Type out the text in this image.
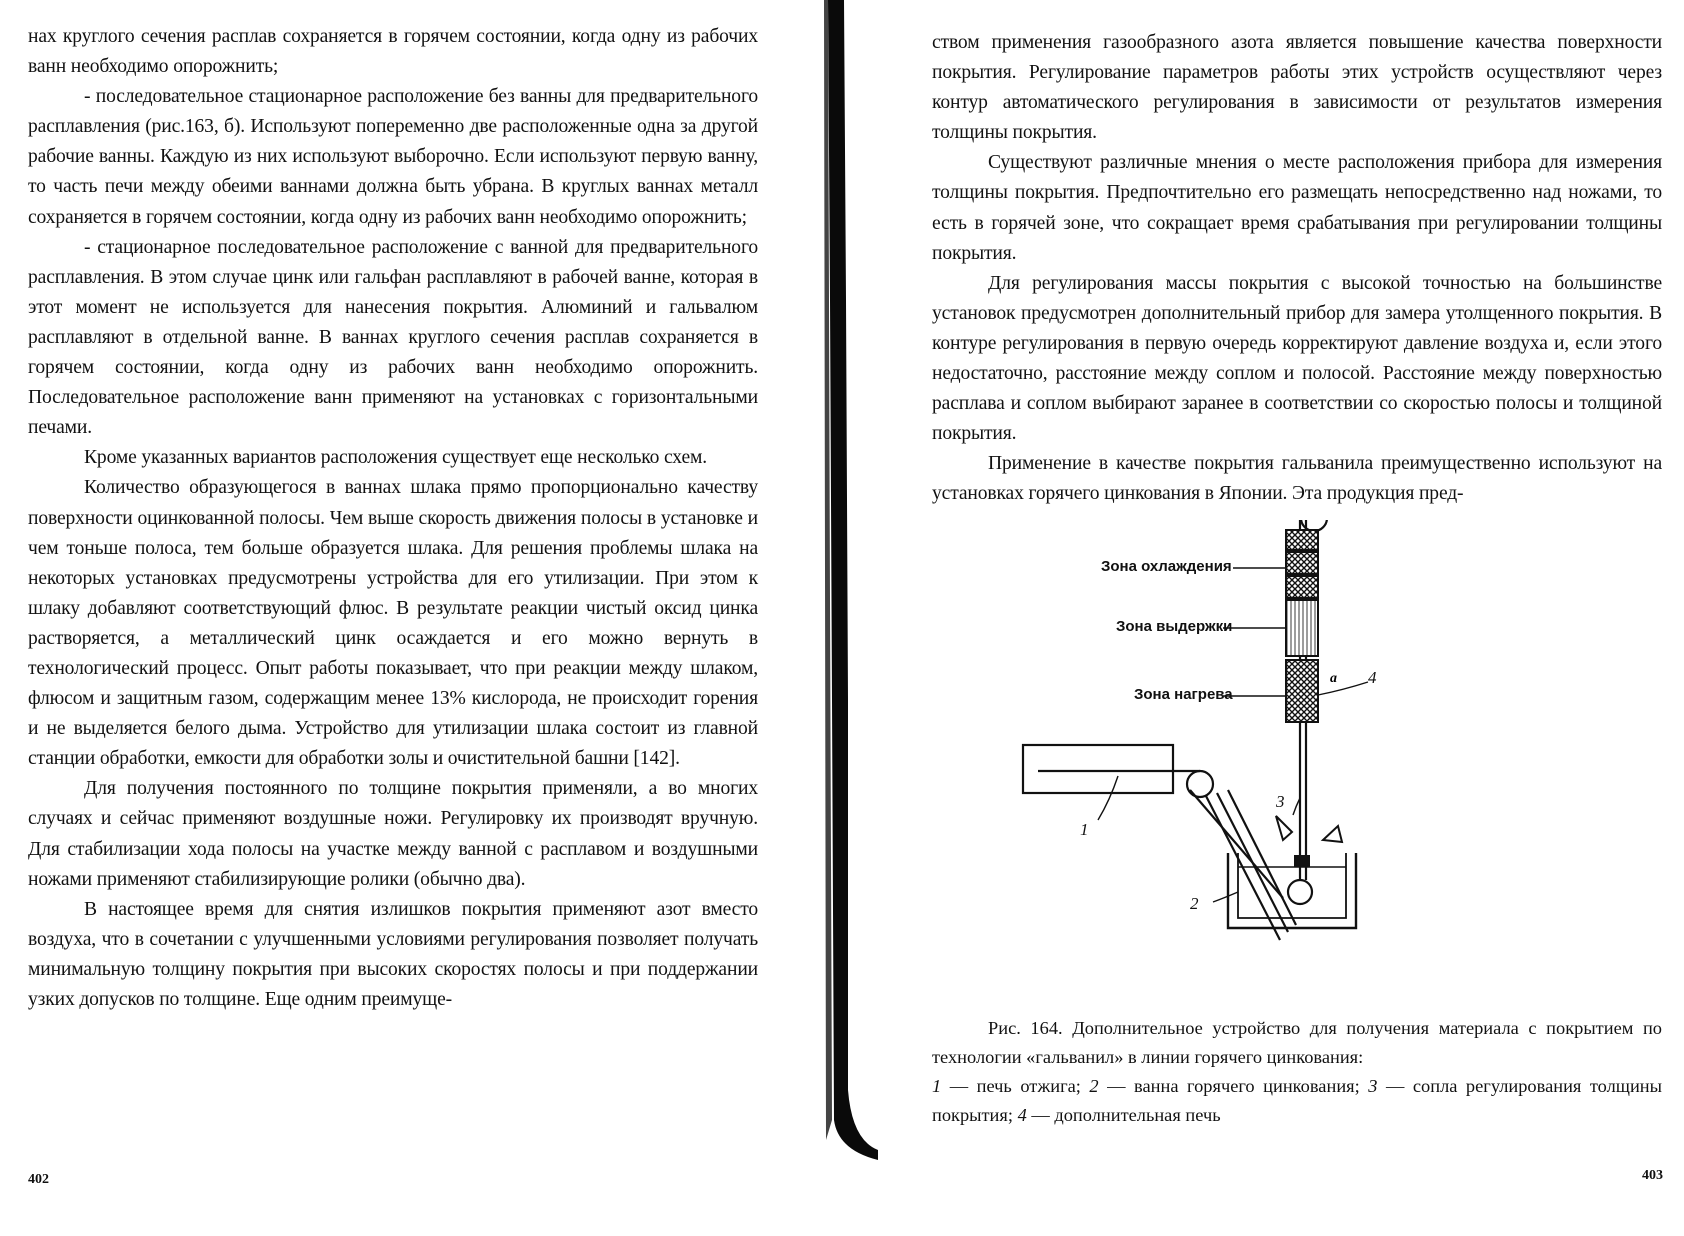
нах круглого сечения расплав сохраняется в горячем состоянии, когда одну из рабочих ванн необходимо опорожнить;

- последовательное стационарное расположение без ванны для предварительного расплавления (рис.163, б). Используют попеременно две расположенные одна за другой рабочие ванны. Каждую из них используют выборочно. Если используют первую ванну, то часть печи между обеими ваннами должна быть убрана. В круглых ваннах металл сохраняется в горячем состоянии, когда одну из рабочих ванн необходимо опорожнить;

- стационарное последовательное расположение с ванной для предварительного расплавления. В этом случае цинк или гальфан расплавляют в рабочей ванне, которая в этот момент не используется для нанесения покрытия. Алюминий и гальвалюм расплавляют в отдельной ванне. В ваннах круглого сечения расплав сохраняется в горячем состоянии, когда одну из рабочих ванн необходимо опорожнить. Последовательное расположение ванн применяют на установках с горизонтальными печами.

Кроме указанных вариантов расположения существует еще несколько схем.

Количество образующегося в ваннах шлака прямо пропорционально качеству поверхности оцинкованной полосы. Чем выше скорость движения полосы в установке и чем тоньше полоса, тем больше образуется шлака. Для решения проблемы шлака на некоторых установках предусмотрены устройства для его утилизации. При этом к шлаку добавляют соответствующий флюс. В результате реакции чистый оксид цинка растворяется, а металлический цинк осаждается и его можно вернуть в технологический процесс. Опыт работы показывает, что при реакции между шлаком, флюсом и защитным газом, содержащим менее 13% кислорода, не происходит горения и не выделяется белого дыма. Устройство для утилизации шлака состоит из главной станции обработки, емкости для обработки золы и очистительной башни [142].

Для получения постоянного по толщине покрытия применяли, а во многих случаях и сейчас применяют воздушные ножи. Регулировку их производят вручную. Для стабилизации хода полосы на участке между ванной с расплавом и воздушными ножами применяют стабилизирующие ролики (обычно два).

В настоящее время для снятия излишков покрытия применяют азот вместо воздуха, что в сочетании с улучшенными условиями регулирования позволяет получать минимальную толщину покрытия при высоких скоростях полосы и при поддержании узких допусков по толщине. Еще одним преимуще-

402

ством применения газообразного азота является повышение качества поверхности покрытия. Регулирование параметров работы этих устройств осуществляют через контур автоматического регулирования в зависимости от результатов измерения толщины покрытия.

Существуют различные мнения о месте расположения прибора для измерения толщины покрытия. Предпочтительно его размещать непосредственно над ножами, то есть в горячей зоне, что сокращает время срабатывания при регулировании толщины покрытия.

Для регулирования массы покрытия с высокой точностью на большинстве установок предусмотрен дополнительный прибор для замера утолщенного покрытия. В контуре регулирования в первую очередь корректируют давление воздуха и, если этого недостаточно, расстояние между соплом и полосой. Расстояние между поверхностью расплава и соплом выбирают заранее в соответствии со скоростью полосы и толщиной покрытия.

Применение в качестве покрытия гальванила преимущественно используют на установках горячего цинкования в Японии. Эта продукция пред-

Рис. 164. Дополнительное устройство для получения материала с покрытием по технологии «гальванил» в линии горячего цинкования:

1 — печь отжига; 2 — ванна горячего цинкования; 3 — сопла регулирования толщины покрытия; 4 — дополнительная печь

403
a
Зона охлаждения
Зона выдержки
Зона нагрева
4
3
1
2
